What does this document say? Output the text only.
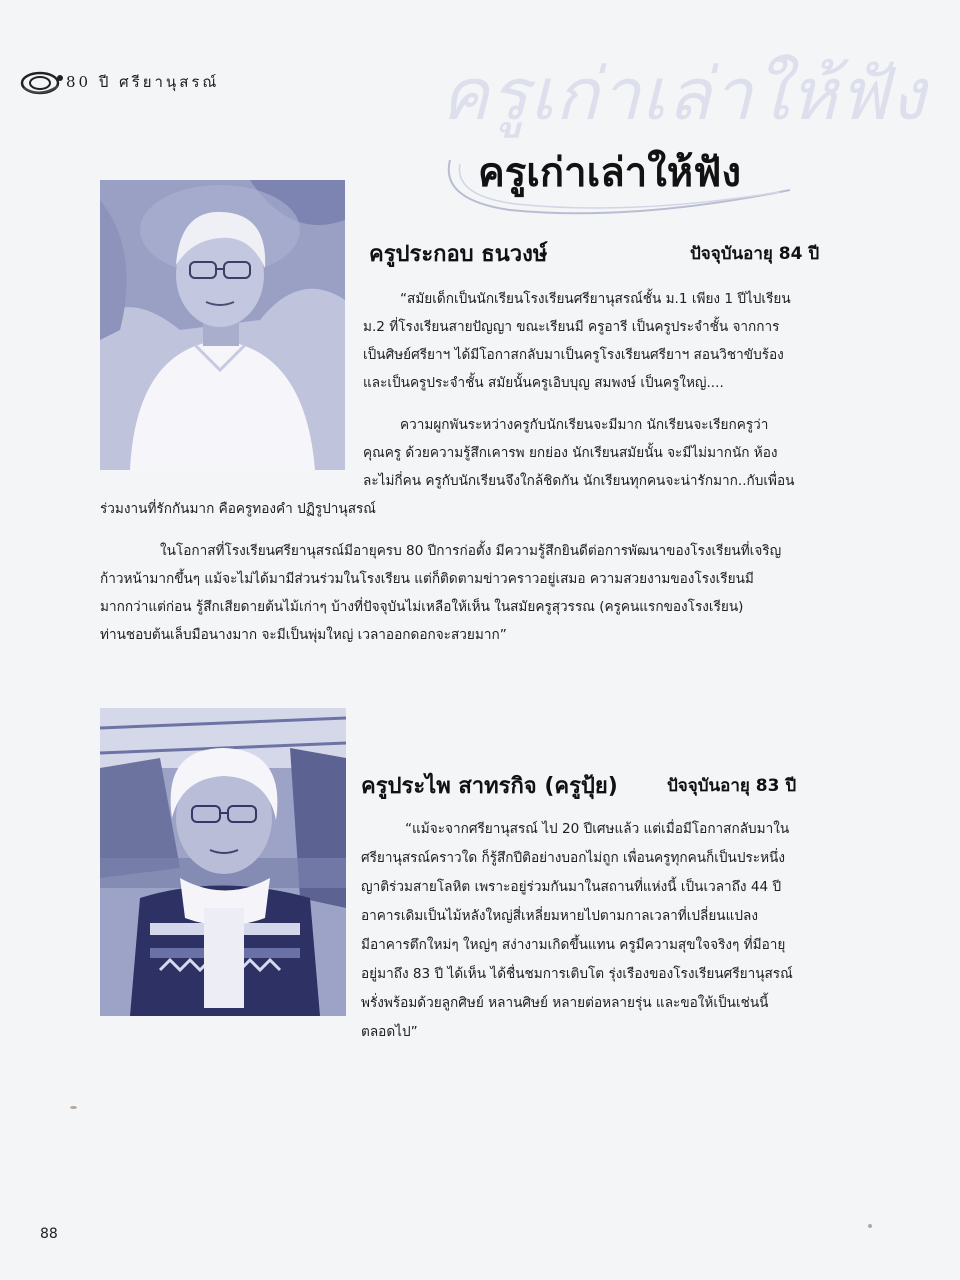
80 ปี ศรียานุสรณ์	ครูเก่าเล่าให้ฟัง
ครูเก่าเล่าให้ฟัง
ครูประกอบ ธนวงษ์	ปัจจุบันอายุ 84 ปี
“สมัยเด็กเป็นนักเรียนโรงเรียนศรียานุสรณ์ชั้น ม.1 เพียง 1 ปีไปเรียน
ม.2 ที่โรงเรียนสายปัญญา ขณะเรียนมี ครูอารี เป็นครูประจำชั้น จากการ
เป็นศิษย์ศรียาฯ ได้มีโอกาสกลับมาเป็นครูโรงเรียนศรียาฯ สอนวิชาขับร้อง
และเป็นครูประจำชั้น สมัยนั้นครูเอิบบุญ สมพงษ์ เป็นครูใหญ่....
ความผูกพันระหว่างครูกับนักเรียนจะมีมาก นักเรียนจะเรียกครูว่า
คุณครู ด้วยความรู้สึกเคารพ ยกย่อง นักเรียนสมัยนั้น จะมีไม่มากนัก ห้อง
ละไม่กี่คน ครูกับนักเรียนจึงใกล้ชิดกัน นักเรียนทุกคนจะน่ารักมาก..กับเพื่อน
ร่วมงานที่รักกันมาก คือครูทองคำ ปฏิรูปานุสรณ์
ในโอกาสที่โรงเรียนศรียานุสรณ์มีอายุครบ 80 ปีการก่อตั้ง มีความรู้สึกยินดีต่อการพัฒนาของโรงเรียนที่เจริญ
ก้าวหน้ามากขึ้นๆ แม้จะไม่ได้มามีส่วนร่วมในโรงเรียน แต่ก็ติดตามข่าวคราวอยู่เสมอ ความสวยงามของโรงเรียนมี
มากกว่าแต่ก่อน รู้สึกเสียดายต้นไม้เก่าๆ บ้างที่ปัจจุบันไม่เหลือให้เห็น ในสมัยครูสุวรรณ (ครูคนแรกของโรงเรียน)
ท่านชอบต้นเล็บมือนางมาก จะมีเป็นพุ่มใหญ่ เวลาออกดอกจะสวยมาก”
ครูประไพ สาทรกิจ (ครูปุ้ย)	ปัจจุบันอายุ 83 ปี
“แม้จะจากศรียานุสรณ์ ไป 20 ปีเศษแล้ว แต่เมื่อมีโอกาสกลับมาใน
ศรียานุสรณ์คราวใด ก็รู้สึกปีติอย่างบอกไม่ถูก เพื่อนครูทุกคนก็เป็นประหนึ่ง
ญาติร่วมสายโลหิต เพราะอยู่ร่วมกันมาในสถานที่แห่งนี้ เป็นเวลาถึง 44 ปี
อาคารเดิมเป็นไม้หลังใหญ่สี่เหลี่ยมหายไปตามกาลเวลาที่เปลี่ยนแปลง
มีอาคารตึกใหม่ๆ ใหญ่ๆ สง่างามเกิดขึ้นแทน ครูมีความสุขใจจริงๆ ที่มีอายุ
อยู่มาถึง 83 ปี ได้เห็น ได้ชื่นชมการเติบโต รุ่งเรืองของโรงเรียนศรียานุสรณ์
พรั่งพร้อมด้วยลูกศิษย์ หลานศิษย์ หลายต่อหลายรุ่น และขอให้เป็นเช่นนี้
ตลอดไป”
88
